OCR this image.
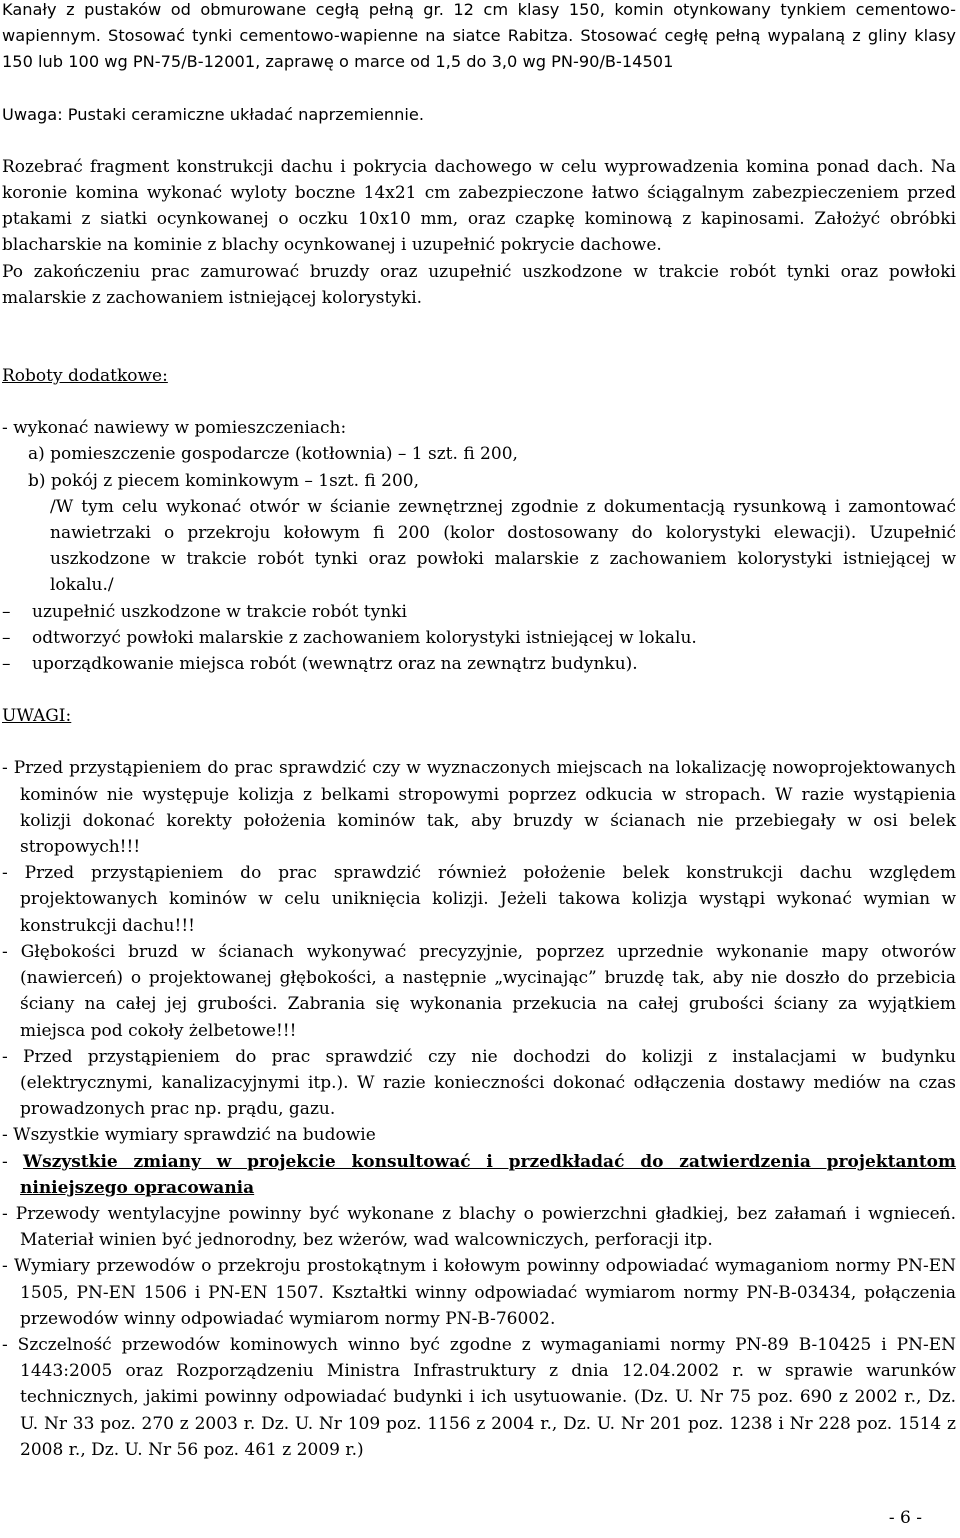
Kanały z pustaków od obmurowane cegłą pełną gr. 12 cm klasy 150, komin otynkowany tynkiem cementowo-wapiennym. Stosować tynki cementowo-wapienne na siatce Rabitza. Stosować cegłę pełną wypalaną z gliny klasy 150 lub 100 wg PN-75/B-12001, zaprawę o marce od 1,5 do 3,0 wg PN-90/B-14501

Uwaga: Pustaki ceramiczne układać naprzemiennie.

Rozebrać fragment konstrukcji dachu i pokrycia dachowego w celu wyprowadzenia komina ponad dach. Na koronie komina wykonać wyloty boczne 14x21 cm zabezpieczone łatwo ściągalnym zabezpieczeniem przed ptakami z siatki ocynkowanej o oczku 10x10 mm, oraz czapkę kominową z kapinosami. Założyć obróbki blacharskie na kominie z blachy ocynkowanej i uzupełnić pokrycie dachowe.

Po zakończeniu prac zamurować bruzdy oraz uzupełnić uszkodzone w trakcie robót tynki oraz powłoki malarskie z zachowaniem istniejącej kolorystyki.

Roboty dodatkowe:

- wykonać nawiewy w pomieszczeniach:

a) pomieszczenie gospodarcze (kotłownia) – 1 szt. fi 200,

b) pokój z piecem kominkowym – 1szt. fi 200,

/W tym celu wykonać otwór w ścianie zewnętrznej zgodnie z dokumentacją rysunkową i zamontować nawietrzaki o przekroju kołowym fi 200 (kolor dostosowany do kolorystyki elewacji). Uzupełnić uszkodzone w trakcie robót tynki oraz powłoki malarskie z zachowaniem kolorystyki istniejącej w lokalu./

–	uzupełnić uszkodzone w trakcie robót tynki
–	odtworzyć powłoki malarskie z zachowaniem kolorystyki istniejącej w lokalu.
–	uporządkowanie miejsca robót (wewnątrz oraz na zewnątrz budynku).

UWAGI:

- Przed przystąpieniem do prac sprawdzić czy w wyznaczonych miejscach na lokalizację nowoprojektowanych kominów nie występuje kolizja z belkami stropowymi poprzez odkucia w stropach. W razie wystąpienia kolizji dokonać korekty położenia kominów tak, aby bruzdy w ścianach nie przebiegały w osi belek stropowych!!!

- Przed przystąpieniem do prac sprawdzić również położenie belek konstrukcji dachu względem projektowanych kominów w celu uniknięcia kolizji. Jeżeli takowa kolizja wystąpi wykonać wymian w konstrukcji dachu!!!

- Głębokości bruzd w ścianach wykonywać precyzyjnie, poprzez uprzednie wykonanie mapy otworów (nawierceń) o projektowanej głębokości, a następnie „wycinając” bruzdę tak, aby nie doszło do przebicia ściany na całej jej grubości. Zabrania się wykonania przekucia na całej grubości ściany za wyjątkiem miejsca pod cokoły żelbetowe!!!

- Przed przystąpieniem do prac sprawdzić czy nie dochodzi do kolizji z instalacjami w budynku (elektrycznymi, kanalizacyjnymi itp.). W razie konieczności dokonać odłączenia dostawy mediów na czas prowadzonych prac np. prądu, gazu.

- Wszystkie wymiary sprawdzić na budowie

- Wszystkie zmiany w projekcie konsultować i przedkładać do zatwierdzenia projektantom niniejszego opracowania

- Przewody wentylacyjne powinny być wykonane z blachy o powierzchni gładkiej, bez załamań i wgnieceń. Materiał winien być jednorodny, bez wżerów, wad walcowniczych, perforacji itp.

- Wymiary przewodów o przekroju prostokątnym i kołowym powinny odpowiadać wymaganiom normy PN-EN 1505, PN-EN 1506 i PN-EN 1507. Kształtki winny odpowiadać wymiarom normy PN-B-03434, połączenia przewodów winny odpowiadać wymiarom normy PN-B-76002.

- Szczelność przewodów kominowych winno być zgodne z wymaganiami normy PN-89 B-10425 i PN-EN 1443:2005 oraz Rozporządzeniu Ministra Infrastruktury z dnia 12.04.2002 r. w sprawie warunków technicznych, jakimi powinny odpowiadać budynki i ich usytuowanie. (Dz. U. Nr 75 poz. 690 z 2002 r., Dz. U. Nr 33 poz. 270 z 2003 r. Dz. U. Nr 109 poz. 1156 z 2004 r., Dz. U. Nr 201 poz. 1238 i Nr 228 poz. 1514 z 2008 r., Dz. U. Nr 56 poz. 461 z 2009 r.)

- 6 -
